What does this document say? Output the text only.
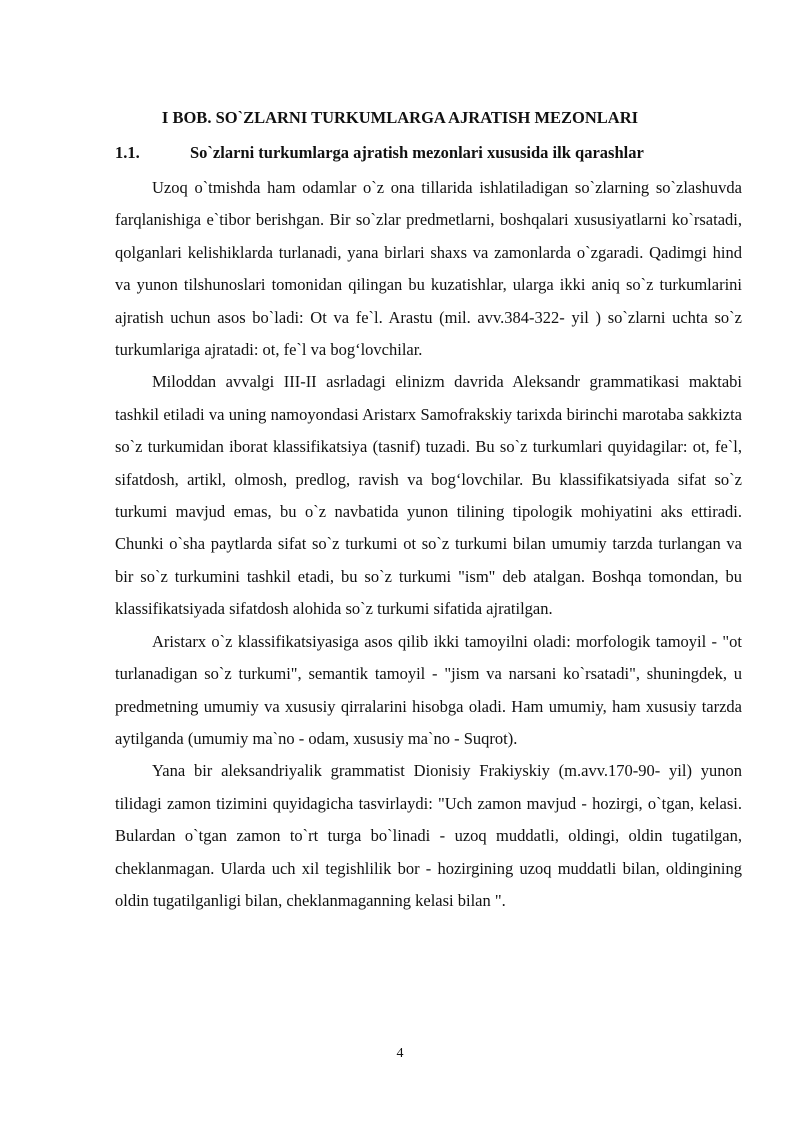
I BOB. SO`ZLARNI TURKUMLARGA AJRATISH MEZONLARI
1.1.	So`zlarni turkumlarga ajratish mezonlari xususida ilk qarashlar

Uzoq o`tmishda ham odamlar o`z ona tillarida ishlatiladigan so`zlarning so`zlashuvda farqlanishiga e`tibor berishgan. Bir so`zlar predmetlarni, boshqalari xususiyatlarni ko`rsatadi, qolganlari kelishiklarda turlanadi, yana birlari shaxs va zamonlarda o`zgaradi. Qadimgi hind va yunon tilshunoslari tomonidan qilingan bu kuzatishlar, ularga ikki aniq so`z turkumlarini ajratish uchun asos bo`ladi: Ot va fe`l. Arastu (mil. avv.384-322- yil ) so`zlarni uchta so`z turkumlariga ajratadi: ot, fe`l va bog‘lovchilar.

Miloddan avvalgi III-II asrladagi elinizm davrida Aleksandr grammatikasi maktabi tashkil etiladi va uning namoyondasi Aristarx Samofrakskiy tarixda birinchi marotaba sakkizta so`z turkumidan iborat klassifikatsiya (tasnif) tuzadi. Bu so`z turkumlari quyidagilar: ot, fe`l, sifatdosh, artikl, olmosh, predlog, ravish va bog‘lovchilar. Bu klassifikatsiyada sifat so`z turkumi mavjud emas, bu o`z navbatida yunon tilining tipologik mohiyatini aks ettiradi. Chunki o`sha paytlarda sifat so`z turkumi ot so`z turkumi bilan umumiy tarzda turlangan va bir so`z turkumini tashkil etadi, bu so`z turkumi "ism" deb atalgan. Boshqa tomondan, bu klassifikatsiyada sifatdosh alohida so`z turkumi sifatida ajratilgan.

Aristarx o`z klassifikatsiyasiga asos qilib ikki tamoyilni oladi: morfologik tamoyil - "ot turlanadigan so`z turkumi", semantik tamoyil - "jism va narsani ko`rsatadi", shuningdek, u predmetning umumiy va xususiy qirralarini hisobga oladi. Ham umumiy, ham xususiy tarzda aytilganda (umumiy ma`no - odam, xususiy ma`no - Suqrot).

Yana bir aleksandriyalik grammatist Dionisiy Frakiyskiy (m.avv.170-90- yil) yunon tilidagi zamon tizimini quyidagicha tasvirlaydi: "Uch zamon mavjud - hozirgi, o`tgan, kelasi. Bulardan o`tgan zamon to`rt turga bo`linadi - uzoq muddatli, oldingi, oldin tugatilgan, cheklanmagan. Ularda uch xil tegishlilik bor - hozirgining uzoq muddatli bilan, oldingining oldin tugatilganligi bilan, cheklanmaganning kelasi bilan ".

4
